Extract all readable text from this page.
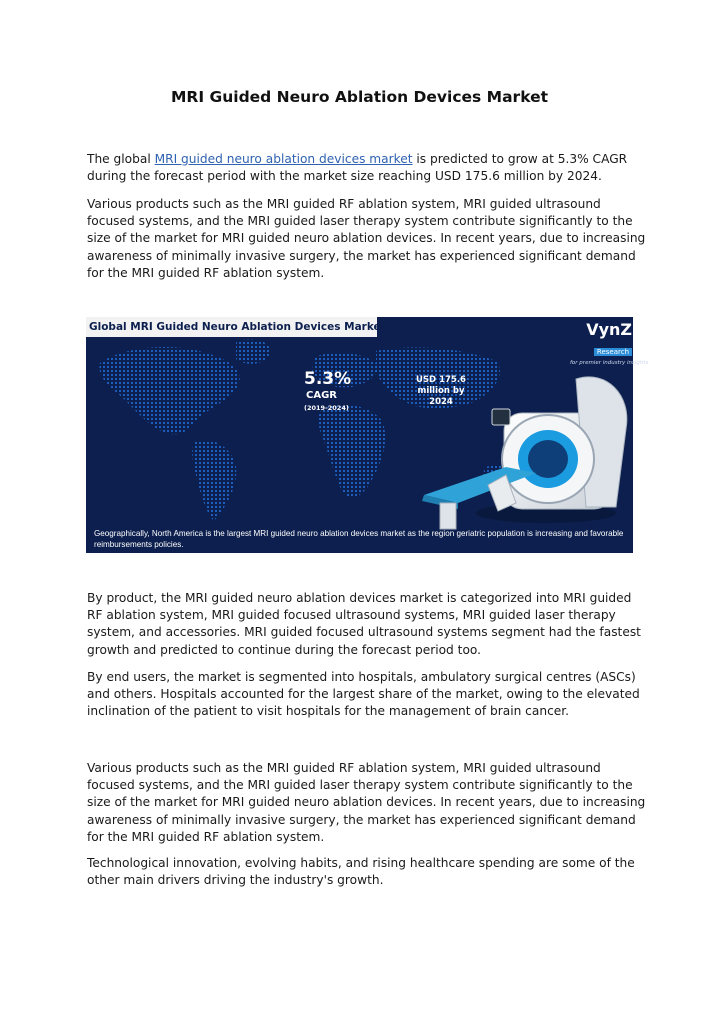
MRI Guided Neuro Ablation Devices Market

The global MRI guided neuro ablation devices market is predicted to grow at 5.3% CAGR during the forecast period with the market size reaching USD 175.6 million by 2024.

Various products such as the MRI guided RF ablation system, MRI guided ultrasound focused systems, and the MRI guided laser therapy system contribute significantly to the size of the market for MRI guided neuro ablation devices. In recent years, due to increasing awareness of minimally invasive surgery, the market has experienced significant demand for the MRI guided RF ablation system.

Global MRI Guided Neuro Ablation Devices Market	VynZ
Research
for premier industry insights
5.3%
CAGR
(2019-2024)
USD 175.6 million by 2024
Geographically, North America is the largest MRI guided neuro ablation devices market as the region geriatric population is increasing and favorable reimbursements policies.

By product, the MRI guided neuro ablation devices market is categorized into MRI guided RF ablation system, MRI guided focused ultrasound systems, MRI guided laser therapy system, and accessories. MRI guided focused ultrasound systems segment had the fastest growth and predicted to continue during the forecast period too.

By end users, the market is segmented into hospitals, ambulatory surgical centres (ASCs) and others. Hospitals accounted for the largest share of the market, owing to the elevated inclination of the patient to visit hospitals for the management of brain cancer.

Various products such as the MRI guided RF ablation system, MRI guided ultrasound focused systems, and the MRI guided laser therapy system contribute significantly to the size of the market for MRI guided neuro ablation devices. In recent years, due to increasing awareness of minimally invasive surgery, the market has experienced significant demand for the MRI guided RF ablation system.

Technological innovation, evolving habits, and rising healthcare spending are some of the other main drivers driving the industry's growth.
